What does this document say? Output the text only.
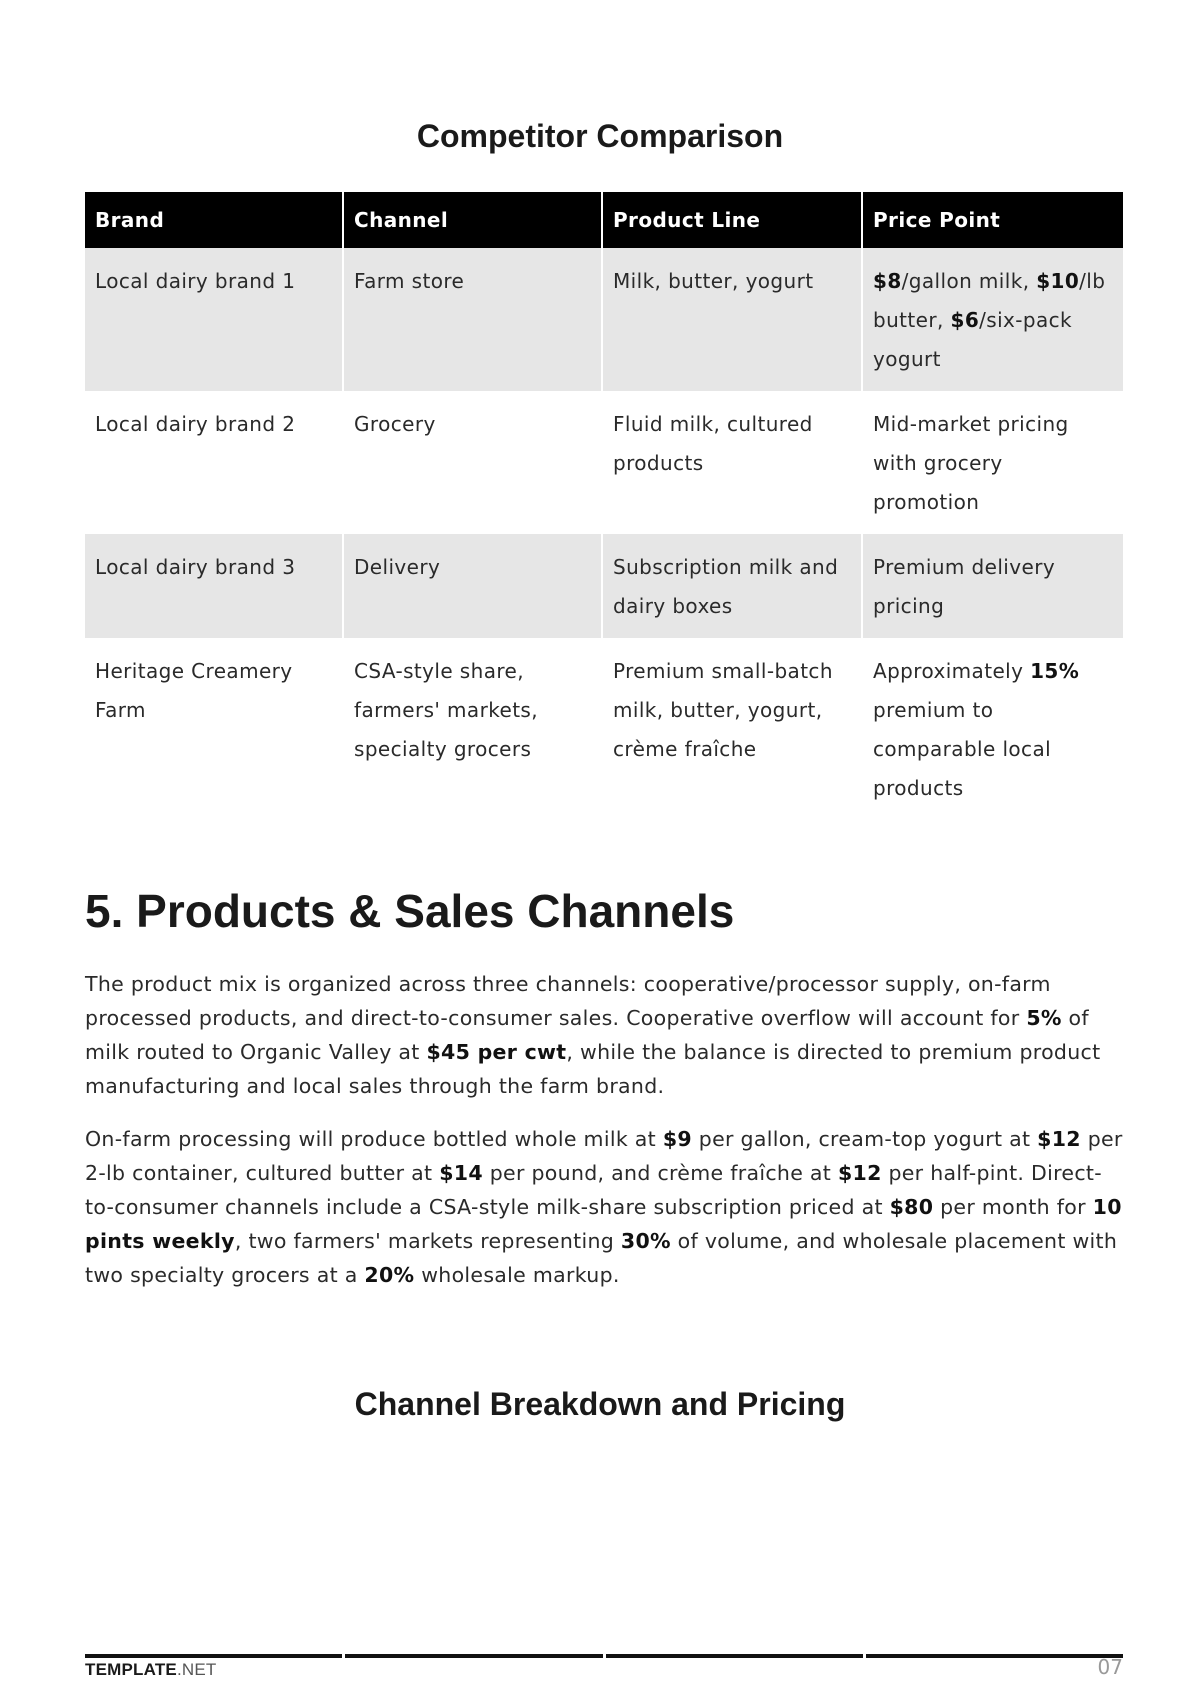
Competitor Comparison
Brand	Channel	Product Line	Price Point
Local dairy brand 1	Farm store	Milk, butter, yogurt	$8/gallon milk, $10/lb butter, $6/six-pack yogurt
Local dairy brand 2	Grocery	Fluid milk, cultured products	Mid-market pricing with grocery promotion
Local dairy brand 3	Delivery	Subscription milk and dairy boxes	Premium delivery pricing
Heritage Creamery Farm	CSA-style share, farmers' markets, specialty grocers	Premium small-batch milk, butter, yogurt, crème fraîche	Approximately 15% premium to comparable local products
5. Products & Sales Channels

The product mix is organized across three channels: cooperative/processor supply, on-farm processed products, and direct-to-consumer sales. Cooperative overflow will account for 5% of milk routed to Organic Valley at $45 per cwt, while the balance is directed to premium product manufacturing and local sales through the farm brand.

On-farm processing will produce bottled whole milk at $9 per gallon, cream-top yogurt at $12 per 2-lb container, cultured butter at $14 per pound, and crème fraîche at $12 per half-pint. Direct-to-consumer channels include a CSA-style milk-share subscription priced at $80 per month for 10 pints weekly, two farmers' markets representing 30% of volume, and wholesale placement with two specialty grocers at a 20% wholesale markup.

Channel Breakdown and Pricing
TEMPLATE.NET	07
